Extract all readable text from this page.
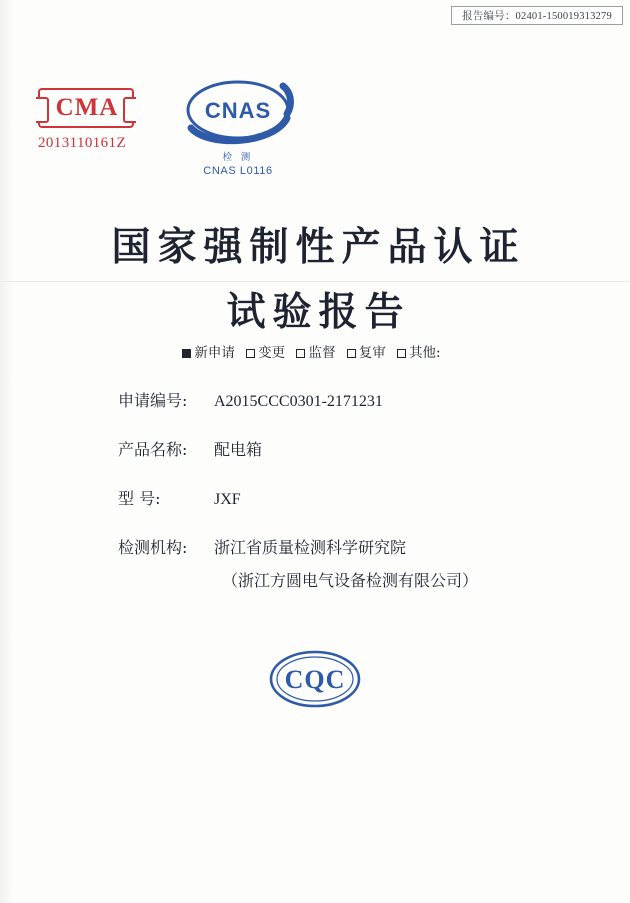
报告编号：02401-150019313279
CMA
2013110161Z
CNAS
检 测
CNAS L0116
国家强制性产品认证
试验报告
新申请 变更 监督 复审 其他:
申请编号:	A2015CCC0301-2171231
产品名称:	配电箱
型 号:	JXF
检测机构:	浙江省质量检测科学研究院
（浙江方圆电气设备检测有限公司）
CQC
